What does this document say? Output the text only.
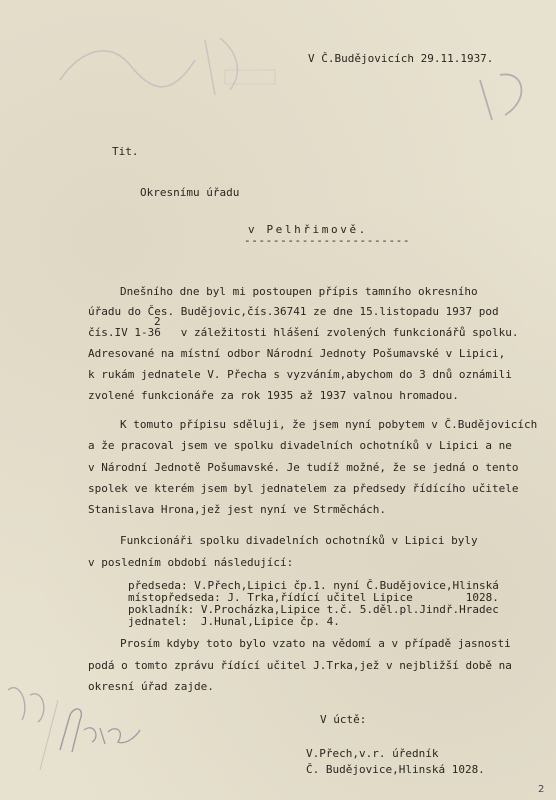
V Č.Budějovicích 29.11.1937.
Tit.
Okresnímu úřadu
v Pelhřimově.
-----------------------
Dnešního dne byl mi postoupen přípis tamního okresního
úřadu do Čes. Budějovic,čís.36741 ze dne 15.listopadu 1937 pod
2
čís.IV 1-36   v záležitosti hlášení zvolených funkcionářů spolku.
Adresované na místní odbor Národní Jednoty Pošumavské v Lipici,
k rukám jednatele V. Přecha s vyzváním,abychom do 3 dnů oznámili
zvolené funkcionáře za rok 1935 až 1937 valnou hromadou.
K tomuto přípisu sděluji, že jsem nyní pobytem v Č.Budějovicích
a že pracoval jsem ve spolku divadelních ochotníků v Lipici a ne
v Národní Jednotě Pošumavské. Je tudíž možné, že se jedná o tento
spolek ve kterém jsem byl jednatelem za předsedy řídícího učitele
Stanislava Hrona,jež jest nyní ve Strměchách.
Funkcionáři spolku divadelních ochotníků v Lipici byly
v posledním období následující:
předseda: V.Přech,Lipici čp.1. nyní Č.Budějovice,Hlinská
místopředseda: J. Trka,řídící učitel Lipice        1028.
pokladník: V.Procházka,Lipice t.č. 5.děl.pl.Jindř.Hradec
jednatel:  J.Hunal,Lipice čp. 4.
Prosím kdyby toto bylo vzato na vědomí a v případě jasnosti
podá o tomto zprávu řídící učitel J.Trka,jež v nejbližší době na
okresní úřad zajde.
V úctě:
V.Přech,v.r. úředník
Č. Budějovice,Hlinská 1028.
2
